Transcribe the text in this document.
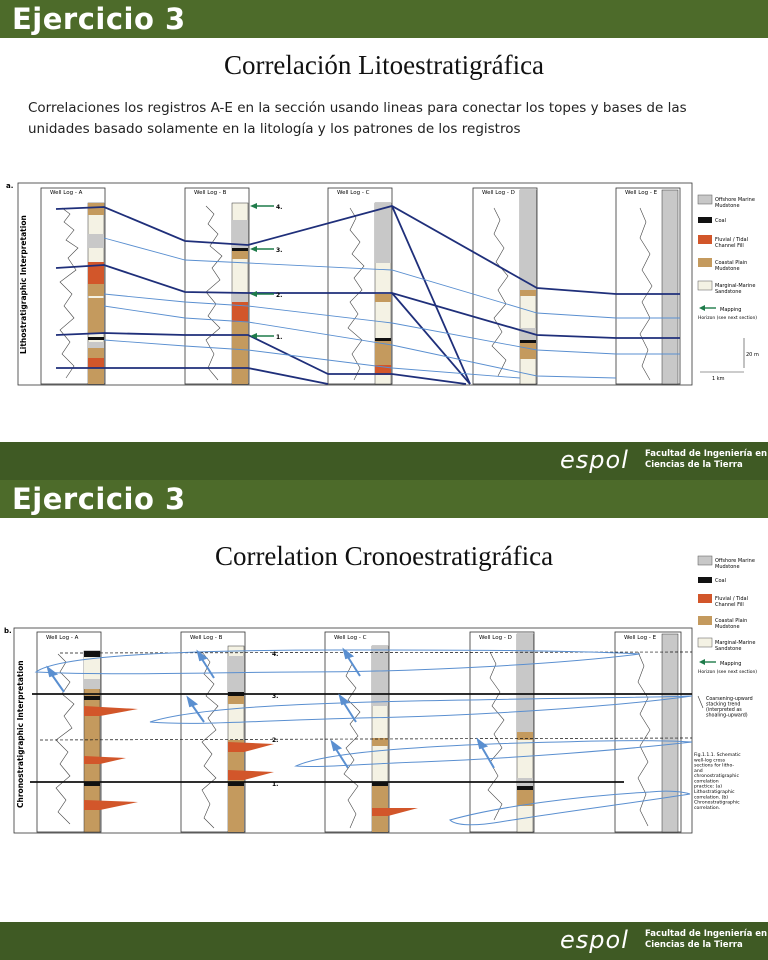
Ejercicio 3
Correlación Litoestratigráfica
Correlaciones los registros A-E en la sección usando lineas para conectar los topes y bases de las unidades basado solamente en la litología y los patrones de los registros
a.
Lithostratigraphic Interpretation
Well Log - A	Well Log - B	Well Log - C	Well Log - D	Well Log - E
4.
3.
2.
1.
Offshore Marine Mudstone
Coal
Fluvial / Tidal Channel Fill
Coastal Plain Mudstone
Marginal-Marine Sandstone
Mapping
Horizon (see next section)
20 m
1 km
espol Facultad de Ingeniería en
Ciencias de la Tierra
Ejercicio 3
Correlation Cronoestratigráfica	Offshore Marine Mudstone
Coal
Fluvial / Tidal Channel Fill
Coastal Plain Mudstone
Marginal-Marine Sandstone
Mapping
Horizon (see next section)
Coarsening-upward stacking trend (interpreted as shoaling-upward)
Fig.1.1.1. Schematic well-log cross sections for litho-and chronostratigraphic correlation practice: (a) Lithostratigraphic correlation. (b) Chronostratigraphic correlation.
b.
Chronostratigraphic Interpretation
Well Log - A	Well Log - B	Well Log - C	Well Log - D	Well Log - E
4.
3.
2.
1.
espol Facultad de Ingeniería en
Ciencias de la Tierra
